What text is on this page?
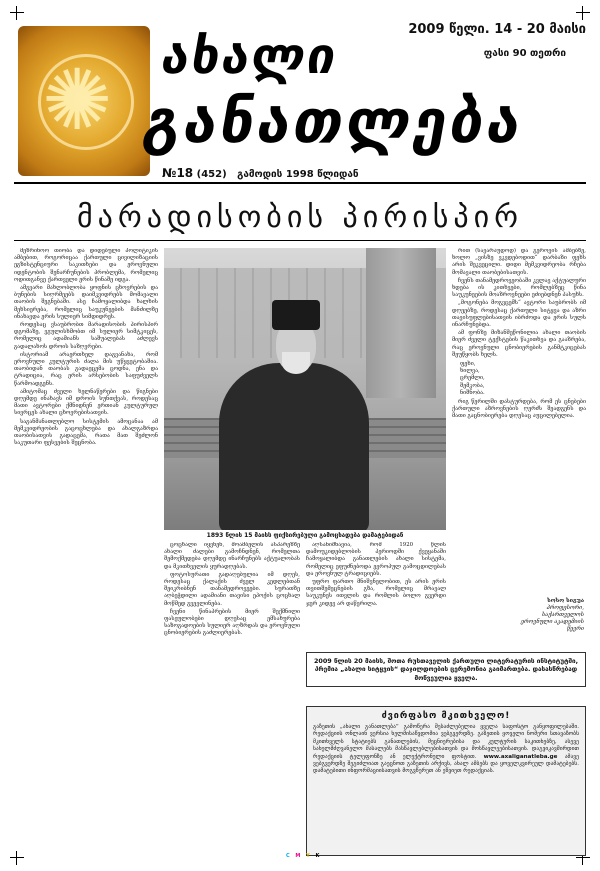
✺ ახალი
განათლება
2009 წელი. 14 - 20 მაისი
ფასი 90 თეთრი
№18 (452) გამოდის 1998 წლიდან
მარადისობის პირისპირ

მეზრინოო თიობა და დიდებული პოლიტიკის ამბებით, როგორიცაა ქართული ცივილიზაციის ეგზისტენციური საკითხები და ეროვნული იდენტობის შენარჩუნების პრობლემა, რომელიც ოდითგანვე ქართველი ერის წინაშე იდგა.

ამგვარი მახლობლობა ყოფნის ცხოვრების და ბუნების სიღრმეებს დაიმკვიდრებს მომავალი თაობის შეგნებაში. ასე ჩამოყალიბდა ხალხის მეხსიერება, რომელიც საუკუნეების მანძილზე ინახავდა ერის სულიერ სიმდიდრეს.

როდესაც ვსაუბრობთ მარადისობის პირისპირ დგომაზე, ვგულისხმობთ იმ სულიერ სიმტკიცეს, რომელიც ადამიანს საშუალებას აძლევს გადალახოს დროის საზღვრები.

ისტორიამ არაერთხელ დაგვანახა, რომ ეროვნული კულტურის ძალა მის უწყვეტობაშია. თაობიდან თაობას გადაეცემა ცოდნა, ენა და ტრადიცია, რაც ერის არსებობის საფუძველს წარმოადგენს.

ამიტომაც ძველი ხელნაწერები და წიგნები დღემდე ინახავს იმ დროის სუნთქვას, როდესაც მათი ავტორები ქმნიდნენ ერთიან კულტურულ სივრცეს ახალი ცხოვრებისათვის.

საგანმანათლებლო სისტემის ამოცანაა ამ მემკვიდრეობის გაცოცხლება და ახალგაზრდა თაობისათვის გადაცემა, რათა მათ შეძლონ საკუთარი ფესვების შეცნობა.

1893 წლის 15 მაისს ფიქსირებული გამოცხადება დამატებიდან

ცოცხალი იყვნენ, მოამბელის ასპარეზზე ახალი ძალები გამოჩნდნენ, რომელთა შემოქმედება დღემდე ინარჩუნებს აქტუალობას და მკითხველის ყურადღებას.

ფოტოსურათი გადაღებულია იმ დღეს, როდესაც ქალაქის ძველ კედლებთან შეიკრიბნენ თანამედროვეები. სურათზე აღბეჭდილი ადამიანი თავისი ეპოქის ცოცხალ მოწმედ გვევლინება.

ჩვენი წინაპრების მიერ შექმნილი ფასეულობები დღესაც ემსახურება საზოგადოების სულიერ აღზრდას და ეროვნული ცნობიერების გაძლიერებას.

აღსანიშნავია, რომ 1920 წლის დამოუკიდებლობის პერიოდში ქვეყანაში ჩამოყალიბდა განათლების ახალი სისტემა, რომელიც ეფუძნებოდა ევროპულ გამოცდილებას და ეროვნულ ტრადიციებს.

უფრო ფართო მნიშვნელობით, ეს არის ერის თვითშემეცნების გზა, რომელიც მრავალ საუკუნეს ითვლის და რომლის ბოლო გვერდი ჯერ კიდევ არ დაწერილა.

რით (სავარაუდოდ) და გეროვის ამბებზე, ხოლო „ვისზე ვკვდებოდით“ დარბაზი ფეხს არის შეკვეცილი. დიდი მემკვიდრეობა რჩება მომავალი თაობებისათვის.

ჩვენს თანამედროვეობაში კვლავ აქტუალური ხდება ის კითხვები, რომლებზეც წინა საუკუნეების მოაზროვნეები ეძიებდნენ პასუხს.

„მოგონება მოგვცემს“ ავტორი საუბრობს იმ დღეებზე, როდესაც ქართული სიტყვა და აზრი თავისუფლებისათვის იბრძოდა და ერის სულს ინარჩუნებდა.

ამ ფონზე მიზანშეწონილია ახალი თაობის მიერ ძველი ტექსტების წაკითხვა და გააზრება, რაც ეროვნული ცნობიერების განმტკიცებას შეუწყობს ხელს.

ფეხი,
ხილვა,
ცრემლი,
შემკობა,
ნიშნობა.

რიგ წერილში დასტურდება, რომ ეს ცნებები ქართული აზროვნების ღერძს შეადგენს და მათი გაცნობიერება დღესაც აუცილებელია.

სოსო სიგუა
პროფესორი,
საქართველოს ეროვნული აკადემიის წევრი
2009 წლის 20 მაისს, შოთა რუსთაველის ქართული ლიტერატურის ინსტიტუტში, პრემია „ახალი სიტყვის“ დაჯილდოების ცერემონია გაიმართება. დასასწრებად მოწვეულია ყველა.
ძვირფასო მკითხველო!
გაზეთის „ახალი განათლება“ გამოწერა შესაძლებელია ყველა საფოსტო განყოფილებაში. რედაქციის ონლაინ ვერსია ხელმისაწვდომია ვებგვერდზე. გაზეთის ყოველი ნომერი სთავაზობს მკითხველს სტატიებს განათლების, მეცნიერებისა და კულტურის საკითხებზე, ასევე სახელმძღვანელო მასალებს მასწავლებლებისათვის და მოსწავლეებისათვის. დაგვიკავშირდით რედაქციის ტელეფონზე ან ელექტრონული ფოსტით. www.axaliganatleba.ge ამავე ვებგვერდზე შეგიძლიათ გაეცნოთ გაზეთის არქივს, ახალ ამბებს და ყოველკვირეულ დამატებებს. დამატებითი ინფორმაციისათვის მოგვწერეთ ან ეწვიეთ რედაქციას.
C M Y K
